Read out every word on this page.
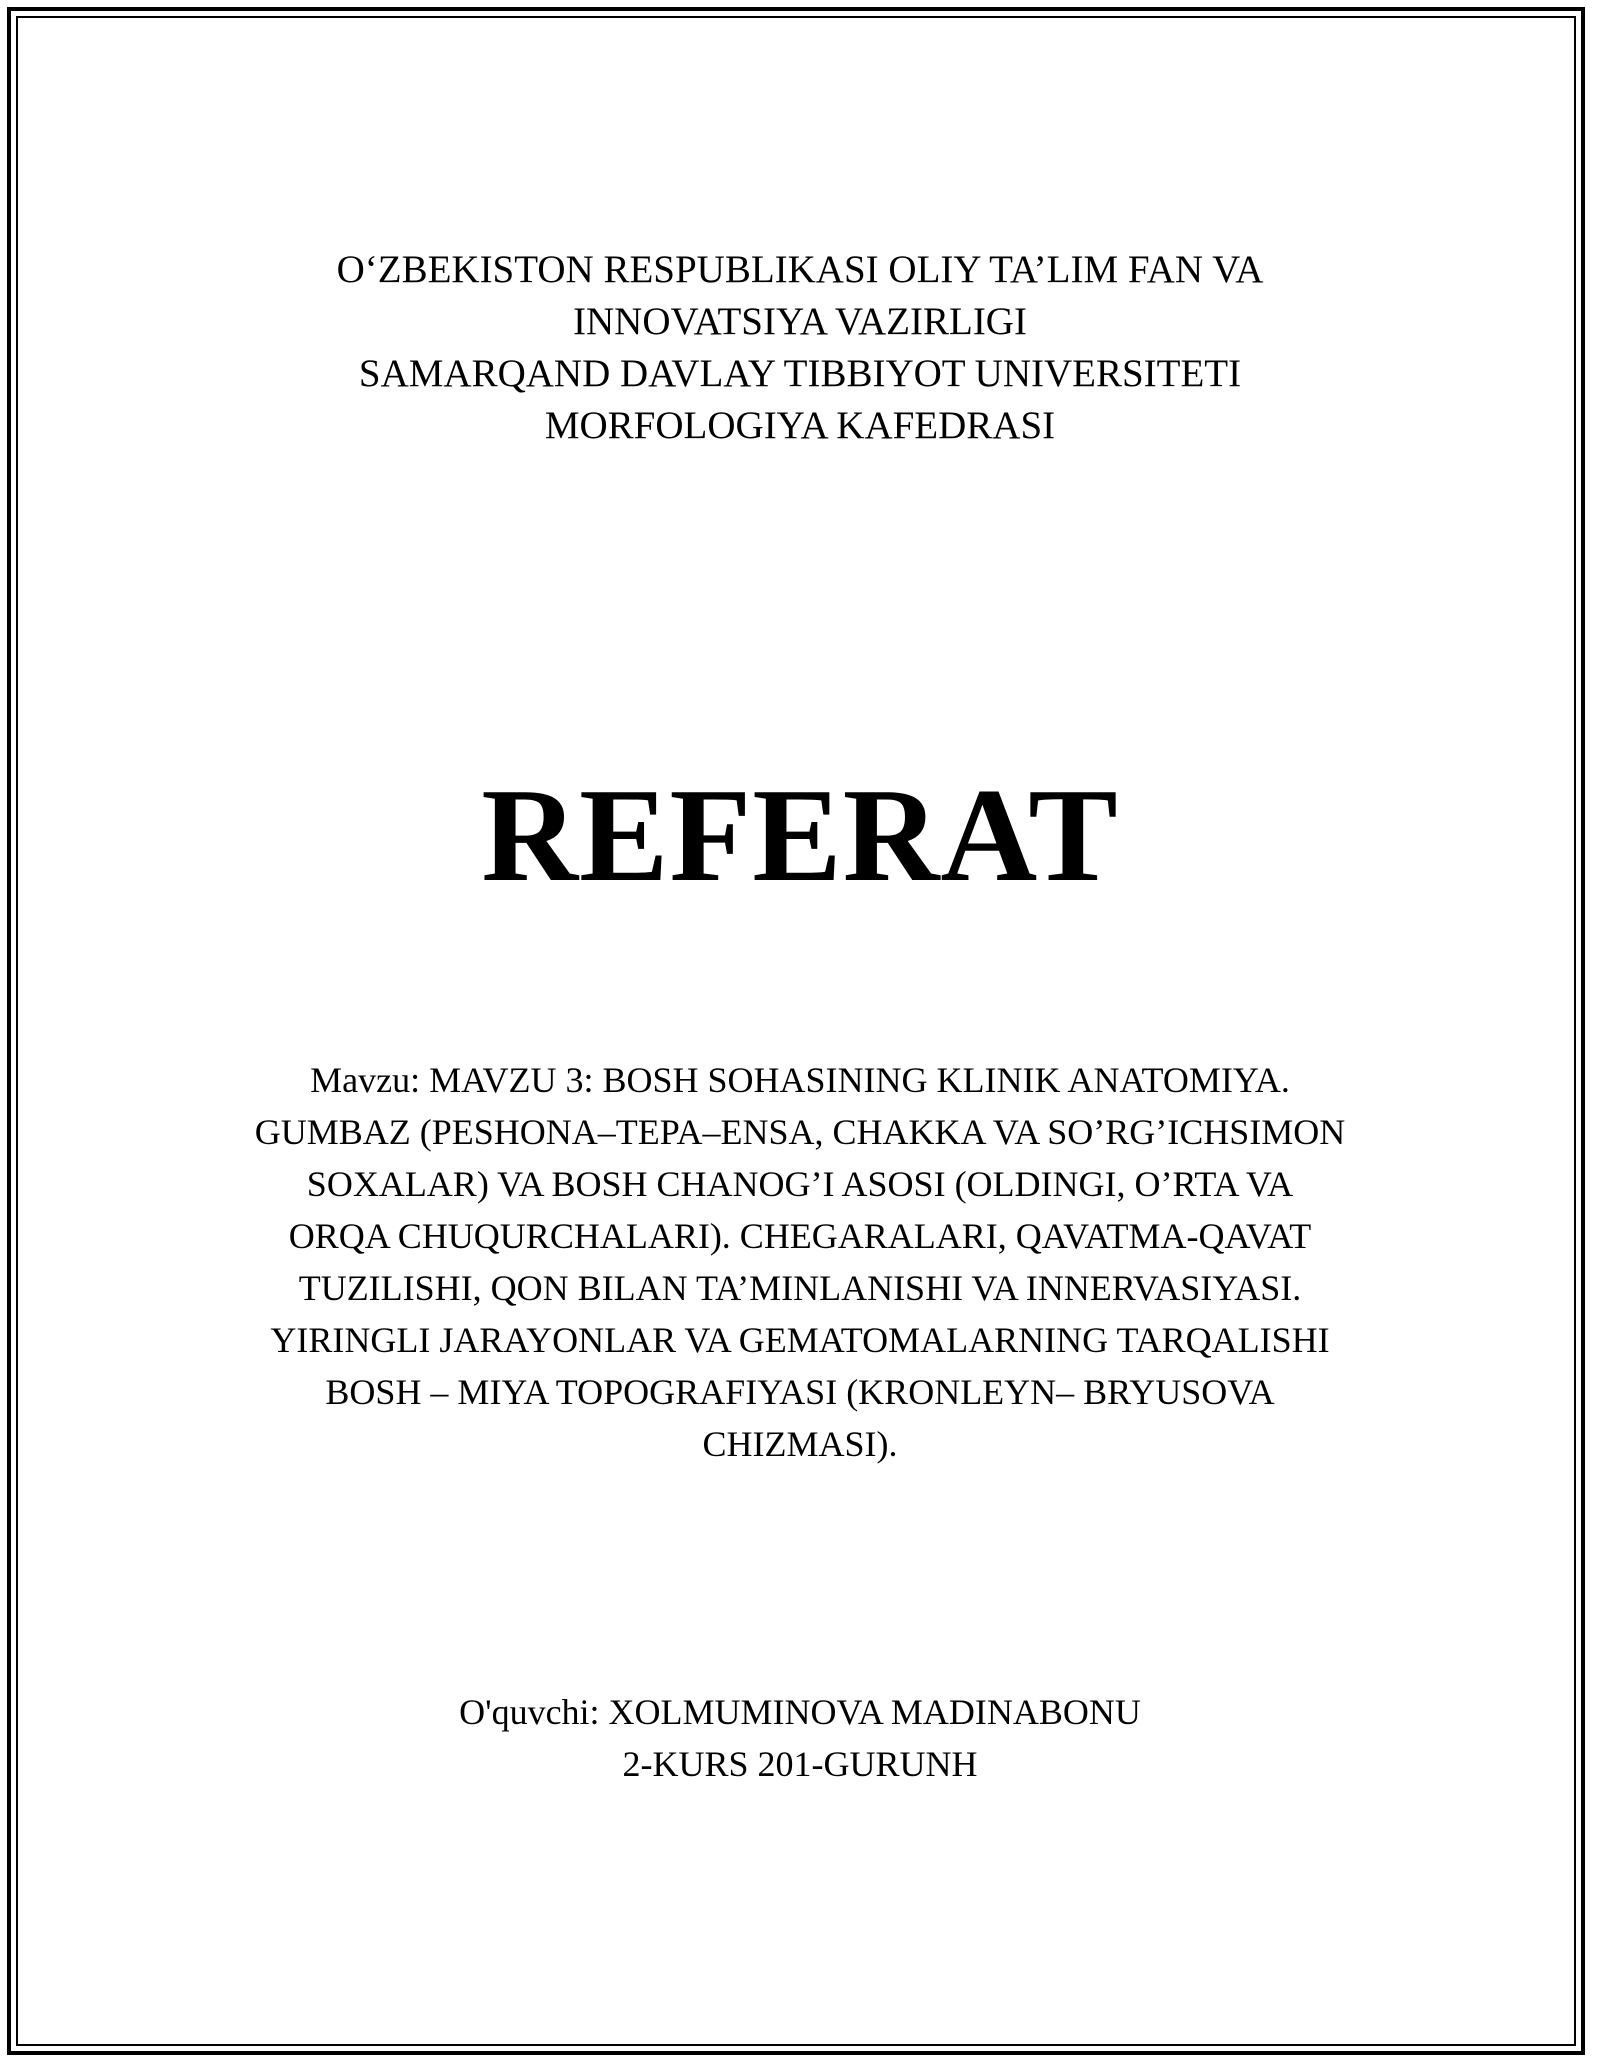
O‘ZBEKISTON RESPUBLIKASI OLIY TA’LIM FAN VA
INNOVATSIYA VAZIRLIGI
SAMARQAND DAVLAY TIBBIYOT UNIVERSITETI
MORFOLOGIYA KAFEDRASI
REFERAT
Mavzu: MAVZU 3: BOSH SOHASINING KLINIK ANATOMIYA.
GUMBAZ (PESHONA–TEPA–ENSA, CHAKKA VA SO’RG’ICHSIMON
SOXALAR) VA BOSH CHANOG’I ASOSI (OLDINGI, O’RTA VA
ORQA CHUQURCHALARI). CHEGARALARI, QAVATMA-QAVAT
TUZILISHI, QON BILAN TA’MINLANISHI VA INNERVASIYASI.
YIRINGLI JARAYONLAR VA GEMATOMALARNING TARQALISHI
BOSH – MIYA TOPOGRAFIYASI (KRONLEYN– BRYUSOVA
CHIZMASI).
O'quvchi: XOLMUMINOVA MADINABONU
2-KURS 201-GURUNH
